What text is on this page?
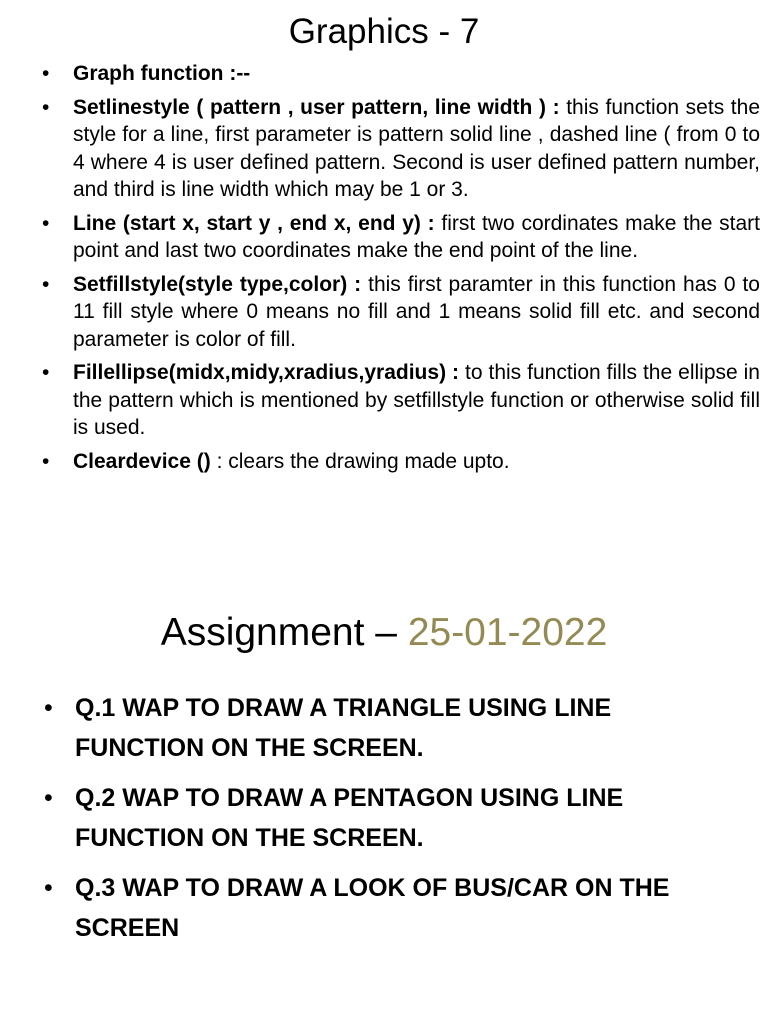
Graphics - 7
• Graph function :--
• Setlinestyle ( pattern , user pattern, line width ) : this function sets the style for a line, first parameter is pattern solid line , dashed line ( from 0 to 4 where 4 is user defined pattern. Second is user defined pattern number, and third is line width which may be 1 or 3.
• Line (start x, start y , end x, end y) : first two cordinates make the start point and last two coordinates make the end point of the line.
• Setfillstyle(style type,color) : this first paramter in this function has 0 to 11 fill style where 0 means no fill and 1 means solid fill etc. and second parameter is color of fill.
• Fillellipse(midx,midy,xradius,yradius) : to this function fills the ellipse in the pattern which is mentioned by setfillstyle function or otherwise solid fill is used.
• Cleardevice () : clears the drawing made upto.
Assignment – 25-01-2022
• Q.1 WAP TO DRAW A TRIANGLE USING LINE FUNCTION ON THE SCREEN.
• Q.2 WAP TO DRAW A PENTAGON USING LINE FUNCTION ON THE SCREEN.
• Q.3 WAP TO DRAW A LOOK OF BUS/CAR ON THE SCREEN
